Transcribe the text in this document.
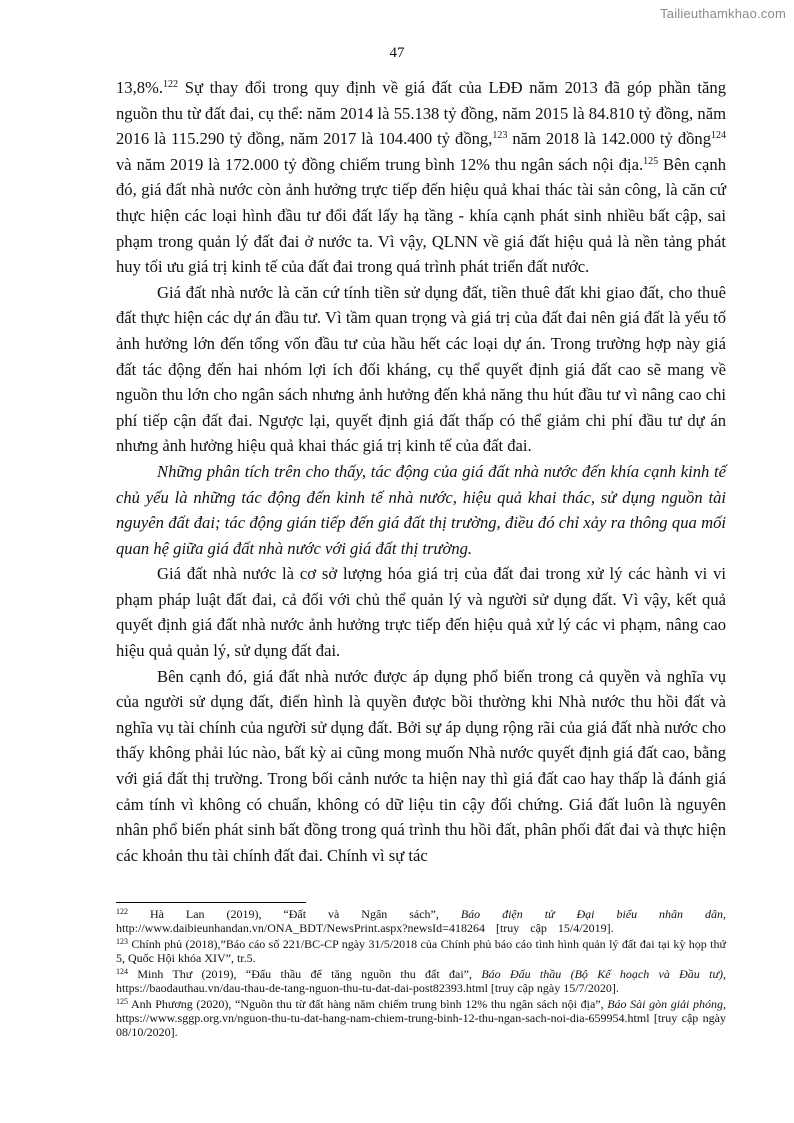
Tailieuthamkhao.com
47

13,8%.$^{122}$ Sự thay đổi trong quy định về giá đất của LĐĐ năm 2013 đã góp phần tăng nguồn thu từ đất đai, cụ thể: năm 2014 là 55.138 tỷ đồng, năm 2015 là 84.810 tỷ đồng, năm 2016 là 115.290 tỷ đồng, năm 2017 là 104.400 tỷ đồng,$^{123}$ năm 2018 là 142.000 tỷ đồng$^{124}$ và năm 2019 là 172.000 tỷ đồng chiếm trung bình 12% thu ngân sách nội địa.$^{125}$ Bên cạnh đó, giá đất nhà nước còn ảnh hưởng trực tiếp đến hiệu quả khai thác tài sản công, là căn cứ thực hiện các loại hình đầu tư đổi đất lấy hạ tầng - khía cạnh phát sinh nhiều bất cập, sai phạm trong quản lý đất đai ở nước ta. Vì vậy, QLNN về giá đất hiệu quả là nền tảng phát huy tối ưu giá trị kinh tế của đất đai trong quá trình phát triển đất nước.

Giá đất nhà nước là căn cứ tính tiền sử dụng đất, tiền thuê đất khi giao đất, cho thuê đất thực hiện các dự án đầu tư. Vì tầm quan trọng và giá trị của đất đai nên giá đất là yếu tố ảnh hưởng lớn đến tổng vốn đầu tư của hầu hết các loại dự án. Trong trường hợp này giá đất tác động đến hai nhóm lợi ích đối kháng, cụ thể quyết định giá đất cao sẽ mang về nguồn thu lớn cho ngân sách nhưng ảnh hưởng đến khả năng thu hút đầu tư vì nâng cao chi phí tiếp cận đất đai. Ngược lại, quyết định giá đất thấp có thể giảm chi phí đầu tư dự án nhưng ảnh hưởng hiệu quả khai thác giá trị kinh tế của đất đai.

Những phân tích trên cho thấy, tác động của giá đất nhà nước đến khía cạnh kinh tế chủ yếu là những tác động đến kinh tế nhà nước, hiệu quả khai thác, sử dụng nguồn tài nguyên đất đai; tác động gián tiếp đến giá đất thị trường, điều đó chỉ xảy ra thông qua mối quan hệ giữa giá đất nhà nước với giá đất thị trường.

Giá đất nhà nước là cơ sở lượng hóa giá trị của đất đai trong xử lý các hành vi vi phạm pháp luật đất đai, cả đối với chủ thể quản lý và người sử dụng đất. Vì vậy, kết quả quyết định giá đất nhà nước ảnh hưởng trực tiếp đến hiệu quả xử lý các vi phạm, nâng cao hiệu quả quản lý, sử dụng đất đai.

Bên cạnh đó, giá đất nhà nước được áp dụng phổ biến trong cả quyền và nghĩa vụ của người sử dụng đất, điển hình là quyền được bồi thường khi Nhà nước thu hồi đất và nghĩa vụ tài chính của người sử dụng đất. Bởi sự áp dụng rộng rãi của giá đất nhà nước cho thấy không phải lúc nào, bất kỳ ai cũng mong muốn Nhà nước quyết định giá đất cao, bằng với giá đất thị trường. Trong bối cảnh nước ta hiện nay thì giá đất cao hay thấp là đánh giá cảm tính vì không có chuẩn, không có dữ liệu tin cậy đối chứng. Giá đất luôn là nguyên nhân phổ biến phát sinh bất đồng trong quá trình thu hồi đất, phân phối đất đai và thực hiện các khoản thu tài chính đất đai. Chính vì sự tác

$^{122}$ Hà Lan (2019), “Đất và Ngân sách”, Báo điện tử Đại biểu nhân dân, http://www.daibieunhandan.vn/ONA_BDT/NewsPrint.aspx?newsId=418264 [truy cập 15/4/2019].
$^{123}$ Chính phủ (2018),”Báo cáo số 221/BC-CP ngày 31/5/2018 của Chính phủ báo cáo tình hình quản lý đất đai tại kỳ họp thứ 5, Quốc Hội khóa XIV”, tr.5.
$^{124}$ Minh Thư (2019), “Đấu thầu để tăng nguồn thu đất đai”, Báo Đấu thầu (Bộ Kế hoạch và Đầu tư), https://baodauthau.vn/dau-thau-de-tang-nguon-thu-tu-dat-dai-post82393.html [truy cập ngày 15/7/2020].
$^{125}$ Anh Phương (2020), “Nguồn thu từ đất hàng năm chiếm trung bình 12% thu ngân sách nội địa”, Báo Sài gòn giải phóng, https://www.sggp.org.vn/nguon-thu-tu-dat-hang-nam-chiem-trung-binh-12-thu-ngan-sach-noi-dia-659954.html [truy cập ngày 08/10/2020].
